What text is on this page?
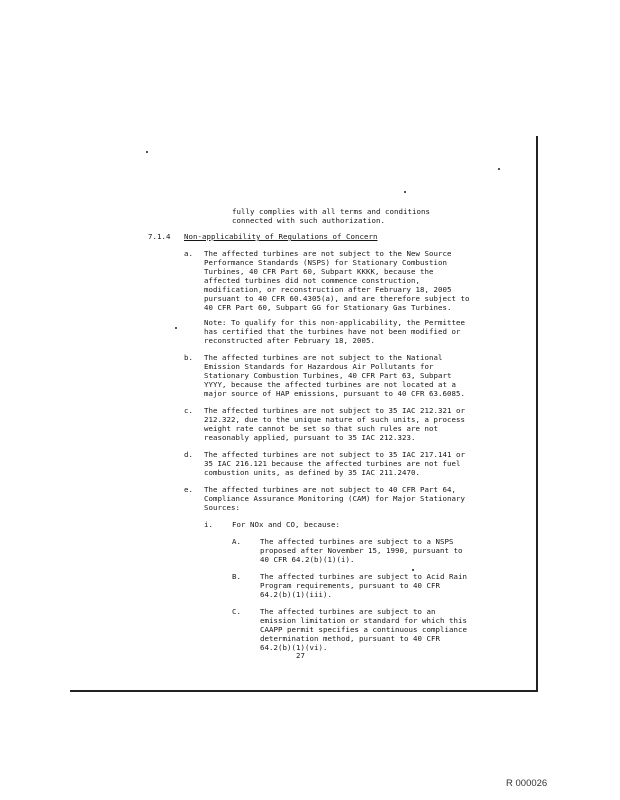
fully complies with all terms and conditions
connected with such authorization.
7.1.4 Non-applicability of Regulations of Concern
a. The affected turbines are not subject to the New Source
Performance Standards (NSPS) for Stationary Combustion
Turbines, 40 CFR Part 60, Subpart KKKK, because the
affected turbines did not commence construction,
modification, or reconstruction after February 18, 2005
pursuant to 40 CFR 60.4305(a), and are therefore subject to
40 CFR Part 60, Subpart GG for Stationary Gas Turbines.
Note: To qualify for this non-applicability, the Permittee
has certified that the turbines have not been modified or
reconstructed after February 18, 2005.
b. The affected turbines are not subject to the National
Emission Standards for Hazardous Air Pollutants for
Stationary Combustion Turbines, 40 CFR Part 63, Subpart
YYYY, because the affected turbines are not located at a
major source of HAP emissions, pursuant to 40 CFR 63.6085.
c. The affected turbines are not subject to 35 IAC 212.321 or
212.322, due to the unique nature of such units, a process
weight rate cannot be set so that such rules are not
reasonably applied, pursuant to 35 IAC 212.323.
d. The affected turbines are not subject to 35 IAC 217.141 or
35 IAC 216.121 because the affected turbines are not fuel
combustion units, as defined by 35 IAC 211.2470.
e. The affected turbines are not subject to 40 CFR Part 64,
Compliance Assurance Monitoring (CAM) for Major Stationary
Sources:
i.	For NOx and CO, because:
A.	The affected turbines are subject to a NSPS
proposed after November 15, 1990, pursuant to
40 CFR 64.2(b)(1)(i).
B.	The affected turbines are subject to Acid Rain
Program requirements, pursuant to 40 CFR
64.2(b)(1)(iii).
C.	The affected turbines are subject to an
emission limitation or standard for which this
CAAPP permit specifies a continuous compliance
determination method, pursuant to 40 CFR
64.2(b)(1)(vi).
27
R 000026
